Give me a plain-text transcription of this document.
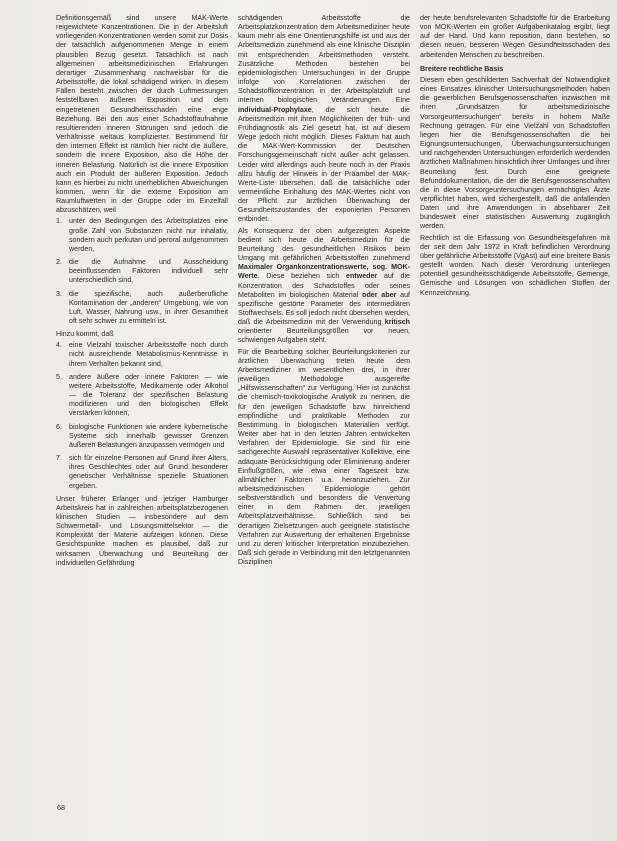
Definitionsgemäß sind unsere MAK-Werte reigewichtete Konzentrationen. Die in der Arbeitsluft vorliegenden Konzentrationen werden somit zur Dosis der tatsächlich aufgenommenen Menge in einem plausiblen Bezug gesetzt. Tatsächlich ist nach allgemeinen arbeitsmedizinischen Erfahrungen derartiger Zusammenhang nachweisbar für die Arbeitsstoffe, die lokal schädigend wirken. In diesem Fällen besteht zwischen der durch Luftmessungen feststellbaren äußeren Exposition und dem eingetretenen Gesundheitsschaden eine enge Beziehung. Bei den aus einer Schadstoffaufnahme resultierenden inneren Störungen sind jedoch die Verhältnisse weitaus komplizierter. Bestimmend für den internen Effekt ist nämlich hier nicht die äußere, sondern die innere Exposition, also die Höhe der inneren Belastung. Natürlich ist die innere Exposition auch ein Produkt der äußeren Exposition. Jedoch kann es hierbei zu nicht unerheblichen Abweichungen kommen, wenn für die externe Exposition am Raumluftwerten in der Gruppe oder im Einzelfall abzuschätzen, weil

1. unter den Bedingungen des Arbeitsplatzes eine große Zahl von Substanzen nicht nur inhalativ, sondern auch perkutan und peroral aufgenommen werden,
2. die die Aufnahme und Ausscheidung beeinflussenden Faktoren individuell sehr unterschiedlich sind,
3. die spezifische, auch außerberufliche Kontamination der „anderen“ Umgebung, wie von Luft, Wasser, Nahrung usw., in ihrer Gesamtheit oft sehr schwer zu ermitteln ist.

Hinzu kommt, daß

4. eine Vielzahl toxischer Arbeitsstoffe noch durch nicht ausreichende Metabolismus-Kenntnisse in ihrem Verhalten bekannt sind,
5. andere äußere oder innere Faktoren — wie weitere Arbeitsstoffe, Medikamente oder Alkohol — die Toleranz der spezifischen Belastung modifizieren und den biologischen Effekt verstärken können,
6. biologische Funktionen wie andere kybernetische Systeme sich innerhalb gewisser Grenzen äußeren Belastungen anzupassen vermögen und
7. sich für einzelne Personen auf Grund ihrer Alters, ihres Geschlechtes oder auf Grund besonderer genetischer Verhältnisse spezielle Situationen ergeben.

Unser früherer Erlanger und jetziger Hamburger Arbeitskreis hat in zahlreichen arbeitsplatzbezogenen klinischen Studien — insbesondere auf dem Schwermetall- und Lösungsmittelsektor — die Komplexität der Materie aufzeigen können. Diese Gesichtspunkte machen es plausibel, daß zur wirksamen Überwachung und Beurteilung der individuellen Gefährdung

schädigenden Arbeitsstoffe die Arbeitsplatzkonzentration dem Arbeitsmediziner heute kaum mehr als eine Orientierungshilfe ist und aus der Arbeitsmedizin zunehmend als eine klinische Disziplin mit entsprechenden Arbeitsmethoden versteht. Zusätzliche Methoden bestehen bei epidemiologischen Untersuchungen in der Gruppe infolge von Korrelationen zwischen der Schadstoffkonzentration in der Arbeitsplatzluft und internen biologischen Veränderungen. Eine individual-Prophylaxe, die sich heute die Arbeitsmedizin mit ihren Möglichkeiten der früh- und Frühdiagnostik als Ziel gesetzt hat, ist auf diesem Wege jedoch nicht möglich. Dieses Faktum hat auch die MAK-Wert-Kommission der Deutschen Forschungsgemeinschaft nicht außer acht gelassen. Leider wird allerdings auch heute noch in der Praxis allzu häufig der Hinweis in der Präambel der MAK-Werte-Liste übersehen, daß die tatsächliche oder vermeintliche Einhaltung des MAK-Wertes nicht von der Pflicht zur ärztlichen Überwachung der Gesundheitszustandes der exponierten Personen entbindet.

Als Konsequenz der oben aufgezeigten Aspekte bedient sich heute die Arbeitsmedizin für die Beurteilung des gesundheitlichen Risikos beim Umgang mit gefährlichen Arbeitsstoffen zunehmend Maximaler Organkonzentrationswerte, sog. MOK-Werte. Diese beziehen sich entweder auf die Konzentration des Schadstoffes oder seines Metaboliten im biologischen Material oder aber auf spezifische gestörte Parameter des intermediären Stoffwechsels. Es soll jedoch nicht übersehen werden, daß die Arbeitsmedizin mit der Verwendung kritisch orientierter Beurteilungsgrößen vor neuen, schwierigen Aufgaben steht.

Für die Bearbeitung solcher Beurteilungskriterien zur ärztlichen Überwachung treten heute dem Arbeitsmediziner im wesentlichen drei, in ihrer jeweiligen Methodologie ausgereifte „Hilfswissenschaften“ zur Verfügung. Hier ist zunächst die chemisch-toxikologische Analytik zu nennen, die für den jeweiligen Schadstoffe bzw. hinreichend empfindliche und praktikable Methoden zur Bestimmung in biologischen Materialien verfügt. Weiter aber hat in den letzten Jahren entwickelten Verfahren der Epidemiologie. Sie sind für eine sachgerechte Auswahl repräsentativer Kollektive, eine adäquate Berücksichtigung oder Eliminierung anderer Einflußgrößen, wie etwa einer Tageszeit bzw. allmählicher Faktoren u.a. heranzuziehen. Zur arbeitsmedizinischen Epidemiologie gehört selbstverständlich und besonders die Verwertung einer in dem Rahmen der jeweiligen Arbeitsplatzverhältnisse. Schließlich sind bei derartigen Zielsetzungen auch geeignete statistische Verfahren zur Auswertung der erhaltenen Ergebnisse und zu deren kritischer Interpretation einzubeziehen. Daß sich gerade in Verbindung mit den letztgenannten Disziplinen

der heute berufsrelevanten Schadstoffe für die Erarbeitung von MOK-Werten ein großer Aufgabenkatalog ergibt, liegt auf der Hand. Und kann reposition, dann bestehen, so diesen neuen, besseren Wegen Gesundheitsschaden des arbeitenden Menschen zu beschreiben.

Breitere rechtliche Basis

Diesem eben geschilderten Sachverhalt der Notwendigkeit eines Einsatzes klinischer Untersuchungsmethoden haben die gewerblichen Berufsgenossenschaften inzwischen mit ihren „Grundsätzen für arbeitsmedizinische Vorsorgeuntersuchungen“ bereits in hohem Maße Rechnung getragen. Für eine Vielzahl von Schadstoffen liegen hier die Berufsgenossenschaften die bei Eignungsuntersuchungen, Überwachungsuntersuchungen und nachgehenden Untersuchungen erforderlich werdenden ärztlichen Maßnahmen hinsichtlich ihrer Umfanges und ihrer Beurteilung fest. Durch eine geeignete Befunddokumentation, die der die Berufsgenossenschaften die in diese Vorsorgeuntersuchungen ermächtigten Ärzte verpflichtet haben, wird sichergestellt, daß die anfallenden Daten und ihre Anwendungen in absehbarer Zeit bundesweit einer statistischen Auswertung zugänglich werden.

Rechtlich ist die Erfassung von Gesundheitsgefahren mit der seit dem Jahr 1972 in Kraft befindlichen Verordnung über gefährliche Arbeitsstoffe (VgAst) auf eine breitere Basis gestellt worden. Nach dieser Verordnung unterliegen potentiell gesundheitsschädigende Arbeitsstoffe, Gemenge, Gemische und Lösungen von schädlichen Stoffen der Kennzeichnung.

68
